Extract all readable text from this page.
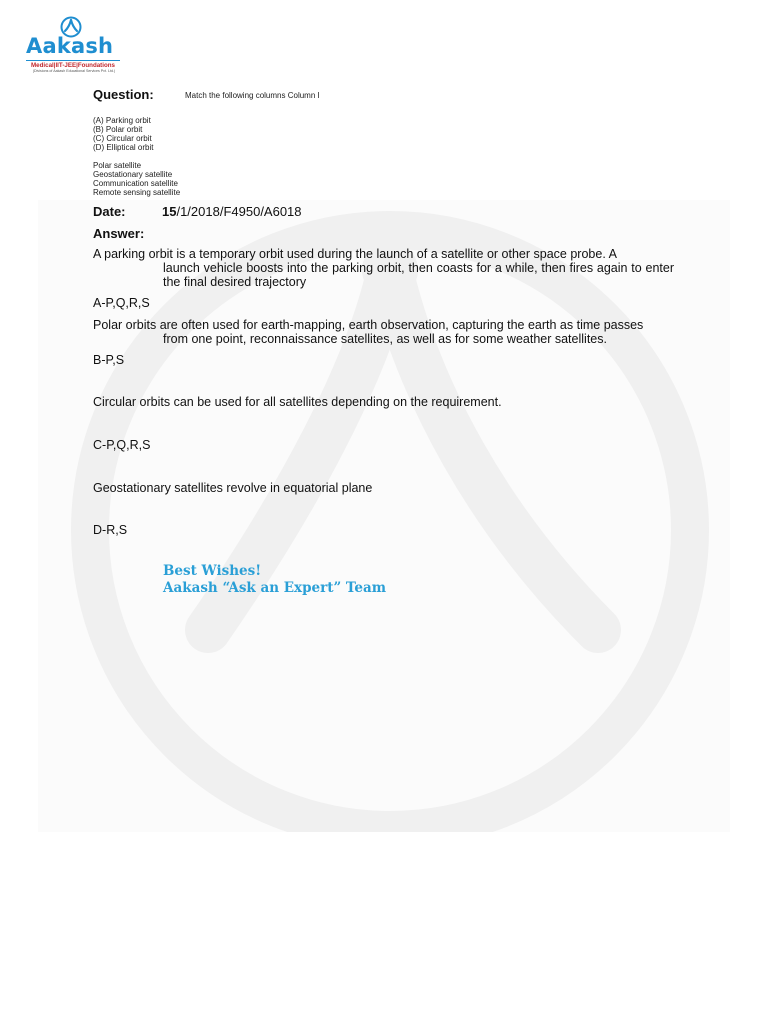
Aakash
Medical|IIT-JEE|Foundations
(Divisions of Aakash Educational Services Pvt. Ltd.)
Question:	Match the following columns Column I
(A) Parking orbit
(B) Polar orbit
(C) Circular orbit
(D) Elliptical orbit
Polar satellite
Geostationary satellite
Communication satellite
Remote sensing satellite
Date:	15/1/2018/F4950/A6018
Answer:

A parking orbit is a temporary orbit used during the launch of a satellite or other space probe. A
launch vehicle boosts into the parking orbit, then coasts for a while, then fires again to enter the final desired trajectory

A-P,Q,R,S

Polar orbits are often used for earth-mapping, earth observation, capturing the earth as time passes
from one point, reconnaissance satellites, as well as for some weather satellites.

B-P,S
Circular orbits can be used for all satellites depending on the requirement.
C-P,Q,R,S
Geostationary satellites revolve in equatorial plane
D-R,S
Best Wishes!
Aakash “Ask an Expert” Team
